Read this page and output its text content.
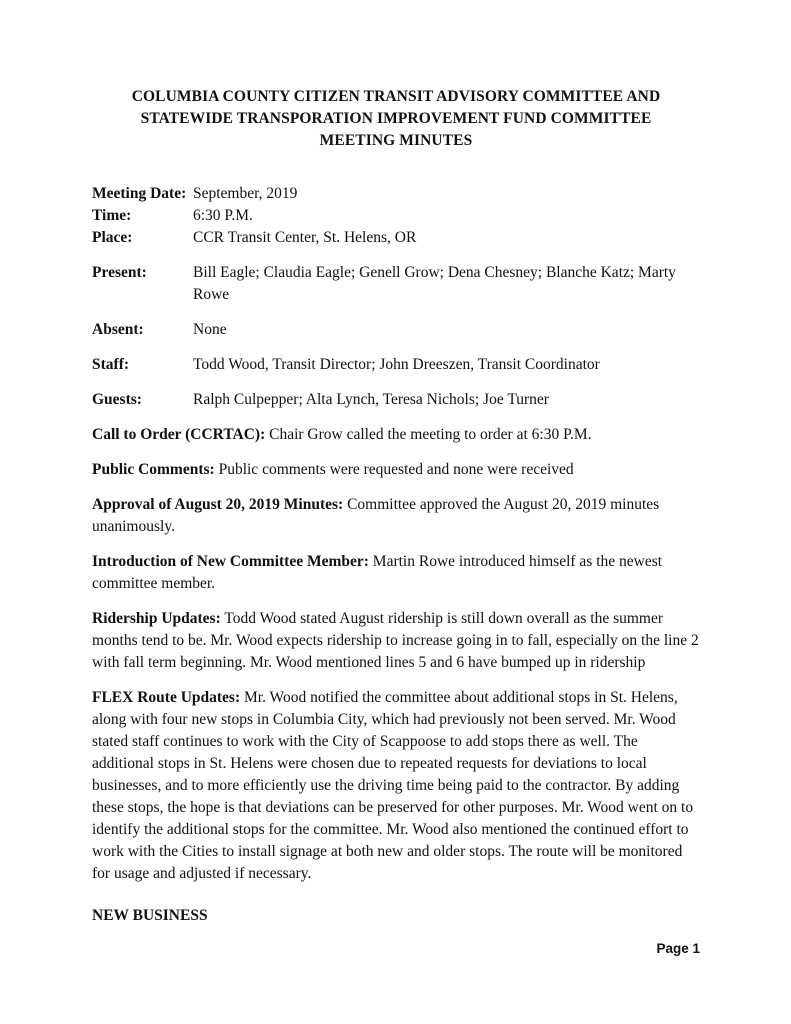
COLUMBIA COUNTY CITIZEN TRANSIT ADVISORY COMMITTEE AND
STATEWIDE TRANSPORATION IMPROVEMENT FUND COMMITTEE
MEETING MINUTES
Meeting Date: September, 2019
Time:	6:30 P.M.
Place:	CCR Transit Center, St. Helens, OR
Present:	Bill Eagle; Claudia Eagle; Genell Grow; Dena Chesney; Blanche Katz; Marty Rowe
Absent:	None
Staff:	Todd Wood, Transit Director; John Dreeszen, Transit Coordinator
Guests:	Ralph Culpepper; Alta Lynch, Teresa Nichols; Joe Turner

Call to Order (CCRTAC): Chair Grow called the meeting to order at 6:30 P.M.

Public Comments: Public comments were requested and none were received

Approval of August 20, 2019 Minutes: Committee approved the August 20, 2019 minutes unanimously.

Introduction of New Committee Member: Martin Rowe introduced himself as the newest committee member.

Ridership Updates: Todd Wood stated August ridership is still down overall as the summer months tend to be. Mr. Wood expects ridership to increase going in to fall, especially on the line 2 with fall term beginning. Mr. Wood mentioned lines 5 and 6 have bumped up in ridership

FLEX Route Updates: Mr. Wood notified the committee about additional stops in St. Helens, along with four new stops in Columbia City, which had previously not been served. Mr. Wood stated staff continues to work with the City of Scappoose to add stops there as well. The additional stops in St. Helens were chosen due to repeated requests for deviations to local businesses, and to more efficiently use the driving time being paid to the contractor. By adding these stops, the hope is that deviations can be preserved for other purposes. Mr. Wood went on to identify the additional stops for the committee. Mr. Wood also mentioned the continued effort to work with the Cities to install signage at both new and older stops. The route will be monitored for usage and adjusted if necessary.

NEW BUSINESS
Page 1
